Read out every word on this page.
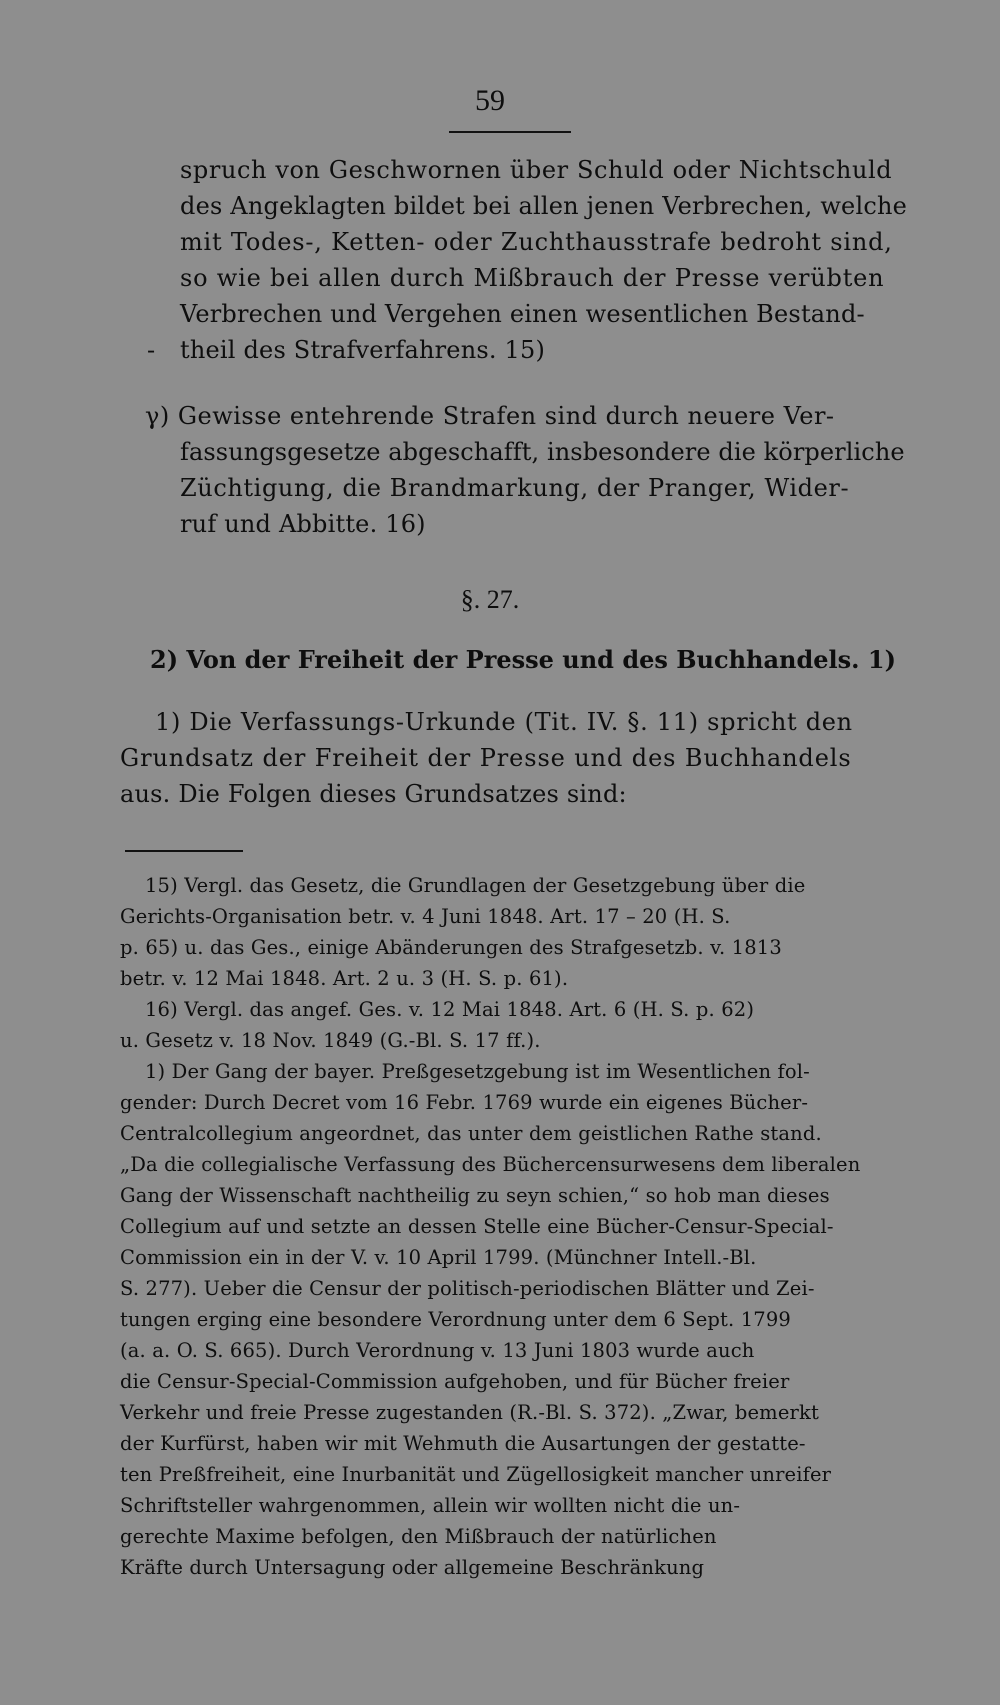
59
spruch von Geschwornen über Schuld oder Nichtschuld
des Angeklagten bildet bei allen jenen Verbrechen, welche
mit Todes-, Ketten- oder Zuchthausstrafe bedroht sind,
so wie bei allen durch Mißbrauch der Presse verübten
Verbrechen und Vergehen einen wesentlichen Bestand-
- theil des Strafverfahrens. 15)
γ) Gewisse entehrende Strafen sind durch neuere Ver-
fassungsgesetze abgeschafft, insbesondere die körperliche
Züchtigung, die Brandmarkung, der Pranger, Wider-
ruf und Abbitte. 16)
§. 27.
2) Von der Freiheit der Presse und des Buchhandels. 1)
1) Die Verfassungs-Urkunde (Tit. IV. §. 11) spricht den
Grundsatz der Freiheit der Presse und des Buchhandels
aus. Die Folgen dieses Grundsatzes sind:
15) Vergl. das Gesetz, die Grundlagen der Gesetzgebung über die
Gerichts-Organisation betr. v. 4 Juni 1848. Art. 17 – 20 (H. S.
p. 65) u. das Ges., einige Abänderungen des Strafgesetzb. v. 1813
betr. v. 12 Mai 1848. Art. 2 u. 3 (H. S. p. 61).
16) Vergl. das angef. Ges. v. 12 Mai 1848. Art. 6 (H. S. p. 62)
u. Gesetz v. 18 Nov. 1849 (G.-Bl. S. 17 ff.).
1) Der Gang der bayer. Preßgesetzgebung ist im Wesentlichen fol-
gender: Durch Decret vom 16 Febr. 1769 wurde ein eigenes Bücher-
Centralcollegium angeordnet, das unter dem geistlichen Rathe stand.
„Da die collegialische Verfassung des Büchercensurwesens dem liberalen
Gang der Wissenschaft nachtheilig zu seyn schien,“ so hob man dieses
Collegium auf und setzte an dessen Stelle eine Bücher-Censur-Special-
Commission ein in der V. v. 10 April 1799. (Münchner Intell.-Bl.
S. 277). Ueber die Censur der politisch-periodischen Blätter und Zei-
tungen erging eine besondere Verordnung unter dem 6 Sept. 1799
(a. a. O. S. 665). Durch Verordnung v. 13 Juni 1803 wurde auch
die Censur-Special-Commission aufgehoben, und für Bücher freier
Verkehr und freie Presse zugestanden (R.-Bl. S. 372). „Zwar, bemerkt
der Kurfürst, haben wir mit Wehmuth die Ausartungen der gestatte-
ten Preßfreiheit, eine Inurbanität und Zügellosigkeit mancher unreifer
Schriftsteller wahrgenommen, allein wir wollten nicht die un-
gerechte Maxime befolgen, den Mißbrauch der natürlichen
Kräfte durch Untersagung oder allgemeine Beschränkung
